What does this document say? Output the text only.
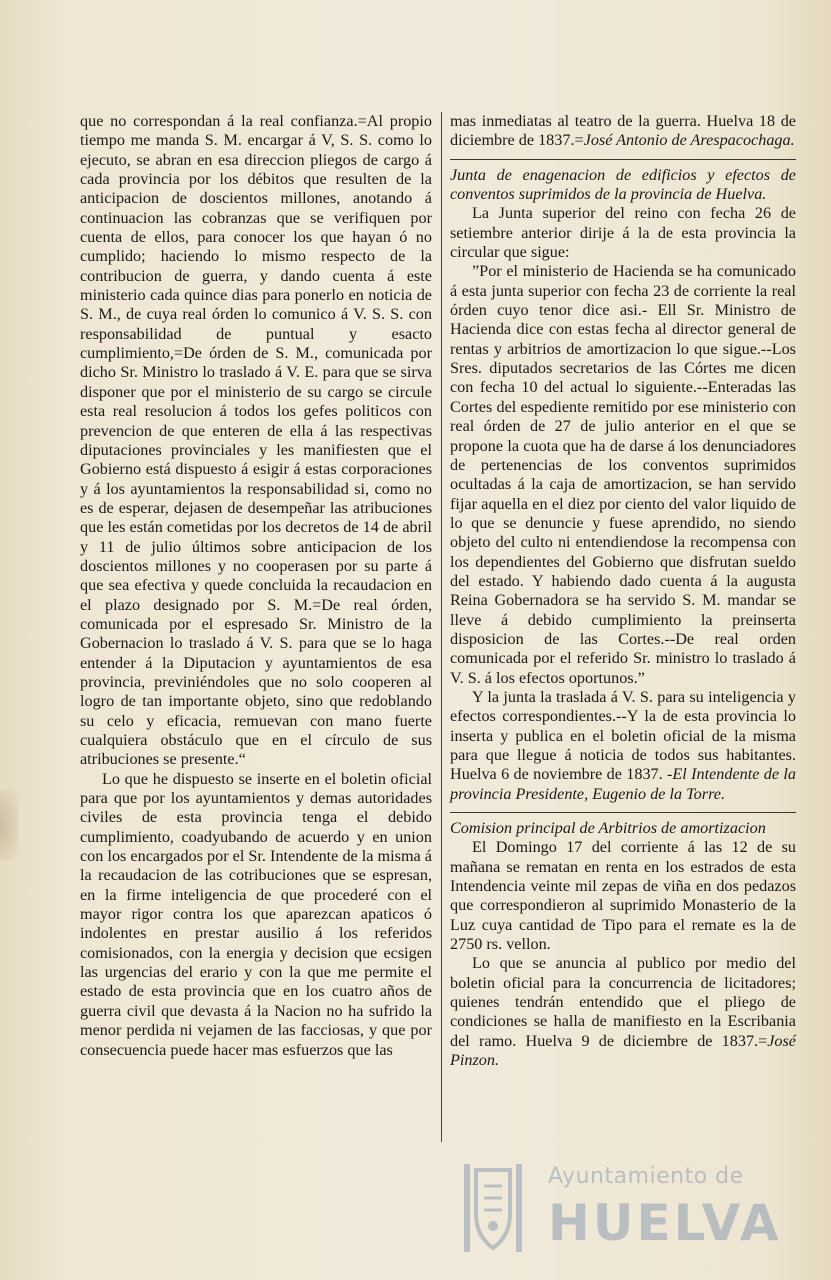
que no correspondan á la real confianza.=Al propio tiempo me manda S. M. encargar á V, S. S. como lo ejecuto, se abran en esa direccion pliegos de cargo á cada provincia por los débitos que resulten de la anticipacion de doscientos millones, anotando á continuacion las cobranzas que se verifiquen por cuenta de ellos, para conocer los que hayan ó no cumplido; haciendo lo mismo respecto de la contribucion de guerra, y dando cuenta á este ministerio cada quince dias para ponerlo en noticia de S. M., de cuya real órden lo comunico á V. S. S. con responsabilidad de puntual y esacto cumplimiento,=De órden de S. M., comunicada por dicho Sr. Ministro lo traslado á V. E. para que se sirva disponer que por el ministerio de su cargo se circule esta real resolucion á todos los gefes politicos con prevencion de que enteren de ella á las respectivas diputaciones provinciales y les manifiesten que el Gobierno está dispuesto á esigir á estas corporaciones y á los ayuntamientos la responsabilidad si, como no es de esperar, dejasen de desempeñar las atribuciones que les están cometidas por los decretos de 14 de abril y 11 de julio últimos sobre anticipacion de los doscientos millones y no cooperasen por su parte á que sea efectiva y quede concluida la recaudacion en el plazo designado por S. M.=De real órden, comunicada por el espresado Sr. Ministro de la Gobernacion lo traslado á V. S. para que se lo haga entender á la Diputacion y ayuntamientos de esa provincia, previniéndoles que no solo cooperen al logro de tan importante objeto, sino que redoblando su celo y eficacia, remuevan con mano fuerte cualquiera obstáculo que en el círculo de sus atribuciones se presente.“

Lo que he dispuesto se inserte en el boletin oficial para que por los ayuntamientos y demas autoridades civiles de esta provincia tenga el debido cumplimiento, coadyubando de acuerdo y en union con los encargados por el Sr. Intendente de la misma á la recaudacion de las cotribuciones que se espresan, en la firme inteligencia de que procederé con el mayor rigor contra los que aparezcan apaticos ó indolentes en prestar ausilio á los referidos comisionados, con la energia y decision que ecsigen las urgencias del erario y con la que me permite el estado de esta provincia que en los cuatro años de guerra civil que devasta á la Nacion no ha sufrido la menor perdida ni vejamen de las facciosas, y que por consecuencia puede hacer mas esfuerzos que las

mas inmediatas al teatro de la guerra. Huelva 18 de diciembre de 1837.=José Antonio de Arespacochaga.

Junta de enagenacion de edificios y efectos de conventos suprimidos de la provincia de Huelva.

La Junta superior del reino con fecha 26 de setiembre anterior dirije á la de esta provincia la circular que sigue:

”Por el ministerio de Hacienda se ha comunicado á esta junta superior con fecha 23 de corriente la real órden cuyo tenor dice asi.- Ell Sr. Ministro de Hacienda dice con estas fecha al director general de rentas y arbitrios de amortizacion lo que sigue.--Los Sres. diputados secretarios de las Córtes me dicen con fecha 10 del actual lo siguiente.--Enteradas las Cortes del espediente remitido por ese ministerio con real órden de 27 de julio anterior en el que se propone la cuota que ha de darse á los denunciadores de pertenencias de los conventos suprimidos ocultadas á la caja de amortizacion, se han servido fijar aquella en el diez por ciento del valor liquido de lo que se denuncie y fuese aprendido, no siendo objeto del culto ni entendiendose la recompensa con los dependientes del Gobierno que disfrutan sueldo del estado. Y habiendo dado cuenta á la augusta Reina Gobernadora se ha servido S. M. mandar se lleve á debido cumplimiento la preinserta disposicion de las Cortes.--De real orden comunicada por el referido Sr. ministro lo traslado á V. S. á los efectos oportunos.”

Y la junta la traslada á V. S. para su inteligencia y efectos correspondientes.--Y la de esta provincia lo inserta y publica en el boletin oficial de la misma para que llegue á noticia de todos sus habitantes. Huelva 6 de noviembre de 1837. -El Intendente de la provincia Presidente, Eugenio de la Torre.

Comision principal de Arbitrios de amortizacion

El Domingo 17 del corriente á las 12 de su mañana se rematan en renta en los estrados de esta Intendencia veinte mil zepas de viña en dos pedazos que correspondieron al suprimido Monasterio de la Luz cuya cantidad de Tipo para el remate es la de 2750 rs. vellon.

Lo que se anuncia al publico por medio del boletin oficial para la concurrencia de licitadores; quienes tendrán entendido que el pliego de condiciones se halla de manifiesto en la Escribania del ramo. Huelva 9 de diciembre de 1837.=José Pinzon.

Ayuntamiento de
HUELVA
